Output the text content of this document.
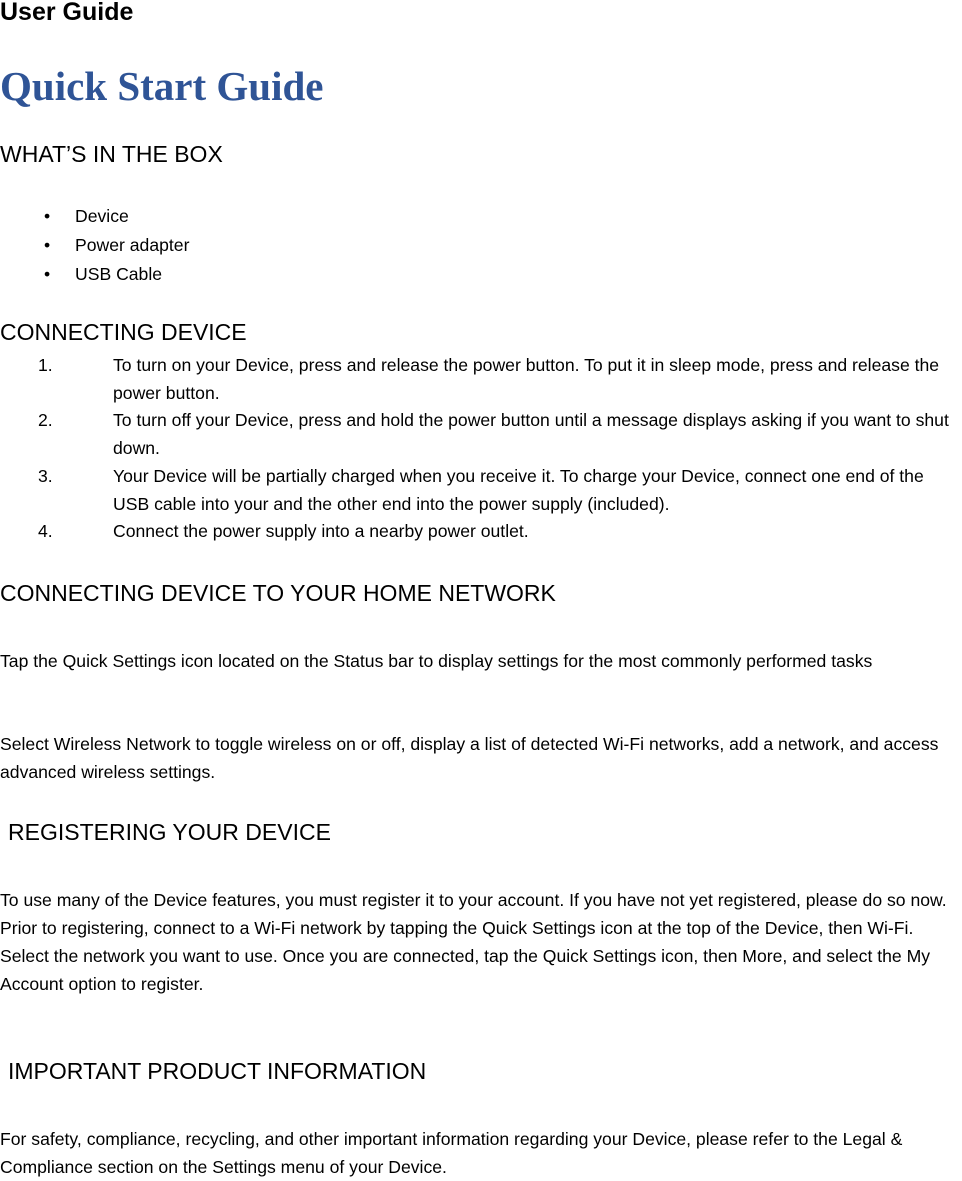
User Guide
Quick Start Guide
WHAT’S IN THE BOX
• Device
• Power adapter
• USB Cable
CONNECTING DEVICE
1.	To turn on your Device, press and release the power button. To put it in sleep mode, press and release the power button.
2.	To turn off your Device, press and hold the power button until a message displays asking if you want to shut down.
3.	Your Device will be partially charged when you receive it. To charge your Device, connect one end of the USB cable into your and the other end into the power supply (included).
4.	Connect the power supply into a nearby power outlet.
CONNECTING DEVICE TO YOUR HOME NETWORK
Tap the Quick Settings icon located on the Status bar to display settings for the most commonly performed tasks
Select Wireless Network to toggle wireless on or off, display a list of detected Wi-Fi networks, add a network, and access advanced wireless settings.
REGISTERING YOUR DEVICE
To use many of the Device features, you must register it to your account. If you have not yet registered, please do so now. Prior to registering, connect to a Wi-Fi network by tapping the Quick Settings icon at the top of the Device, then Wi-Fi. Select the network you want to use. Once you are connected, tap the Quick Settings icon, then More, and select the My Account option to register.
IMPORTANT PRODUCT INFORMATION
For safety, compliance, recycling, and other important information regarding your Device, please refer to the Legal & Compliance section on the Settings menu of your Device.
